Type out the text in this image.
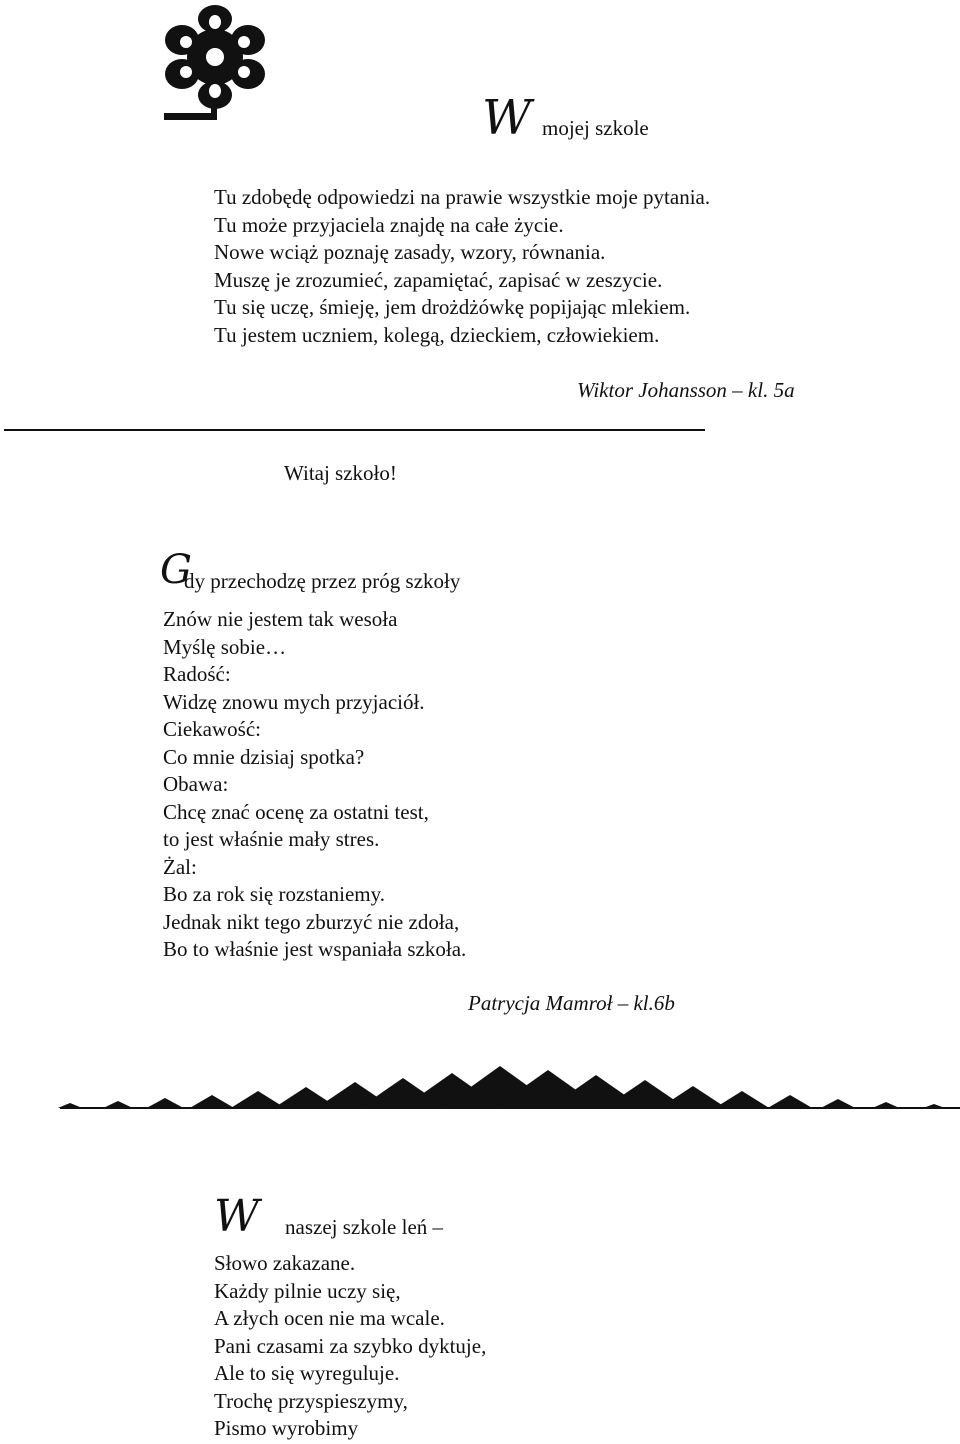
W mojej szkole
Tu zdobędę odpowiedzi na prawie wszystkie moje pytania.
Tu może przyjaciela znajdę na całe życie.
Nowe wciąż poznaję zasady, wzory, równania.
Muszę je zrozumieć, zapamiętać, zapisać w zeszycie.
Tu się uczę, śmieję, jem drożdżówkę popijając mlekiem.
Tu jestem uczniem, kolegą, dzieckiem, człowiekiem.
Wiktor Johansson – kl. 5a
Witaj szkoło!
G
dy przechodzę przez próg szkoły
Znów nie jestem tak wesoła
Myślę sobie…
Radość:
Widzę znowu mych przyjaciół.
Ciekawość:
Co mnie dzisiaj spotka?
Obawa:
Chcę znać ocenę za ostatni test,
to jest właśnie mały stres.
Żal:
Bo za rok się rozstaniemy.
Jednak nikt tego zburzyć nie zdoła,
Bo to właśnie jest wspaniała szkoła.
Patrycja Mamroł – kl.6b
W naszej szkole leń –
Słowo zakazane.
Każdy pilnie uczy się,
A złych ocen nie ma wcale.
Pani czasami za szybko dyktuje,
Ale to się wyreguluje.
Trochę przyspieszymy,
Pismo wyrobimy
